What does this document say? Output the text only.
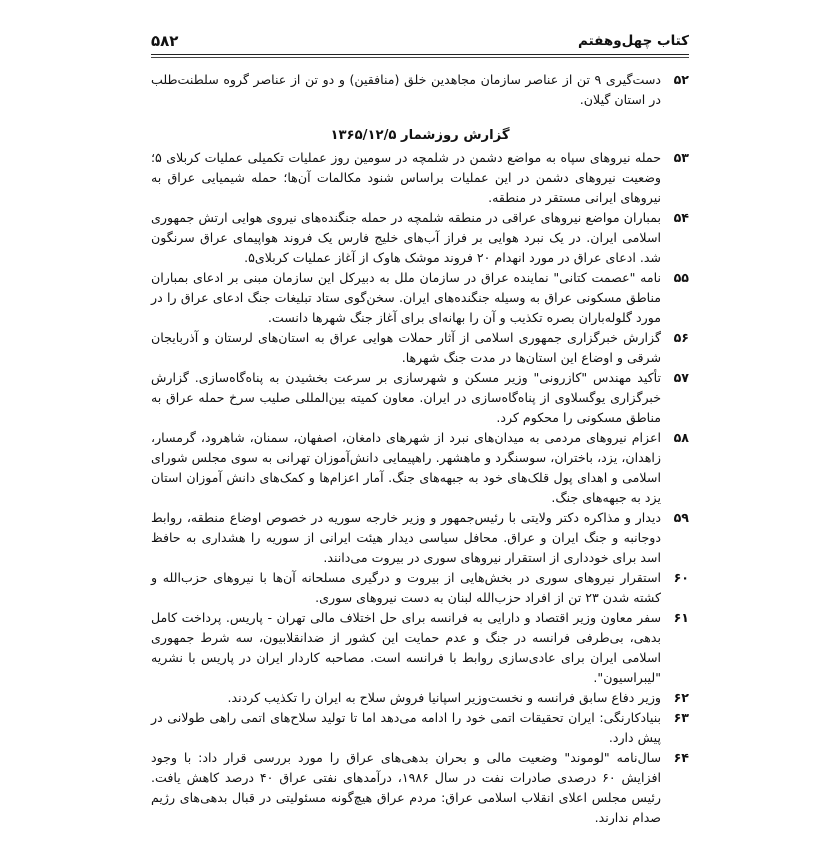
کتاب چهل‌وهفتم
۵۸۲
۵۲
دست‌گیری ۹ تن از عناصر سازمان مجاهدین خلق (منافقین) و دو تن از عناصر گروه سلطنت‌طلب در استان گیلان.
گزارش روزشمار ۱۳۶۵/۱۲/۵
۵۳
حمله نیروهای سپاه به مواضع دشمن در شلمچه در سومین روز عملیات تکمیلی عملیات کربلای ۵؛ وضعیت نیروهای دشمن در این عملیات براساس شنود مکالمات آن‌ها؛ حمله شیمیایی عراق به نیروهای ایرانی مستقر در منطقه.
۵۴
بمباران مواضع نیروهای عراقی در منطقه شلمچه در حمله جنگنده‌های نیروی هوایی ارتش جمهوری اسلامی ایران. در یک نبرد هوایی بر فراز آب‌های خلیج فارس یک فروند هواپیمای عراق سرنگون شد. ادعای عراق در مورد انهدام ۲۰ فروند موشک هاوک از آغاز عملیات کربلای۵.
۵۵
نامه "عصمت کتانی" نماینده عراق در سازمان ملل به دبیرکل این سازمان مبنی بر ادعای بمباران مناطق مسکونی عراق به وسیله جنگنده‌های ایران. سخن‌گوی ستاد تبلیغات جنگ ادعای عراق را در مورد گلوله‌باران بصره تکذیب و آن را بهانه‌ای برای آغاز جنگ شهرها دانست.
۵۶
گزارش خبرگزاری جمهوری اسلامی از آثار حملات هوایی عراق به استان‌های لرستان و آذربایجان شرقی و اوضاع این استان‌ها در مدت جنگ شهرها.
۵۷
تأکید مهندس "کازرونی" وزیر مسکن و شهرسازی بر سرعت بخشیدن به پناه‌گاه‌سازی. گزارش خبرگزاری یوگسلاوی از پناه‌گاه‌سازی در ایران. معاون کمیته بین‌المللی صلیب سرخ حمله عراق به مناطق مسکونی را محکوم کرد.
۵۸
اعزام نیروهای مردمی به میدان‌های نبرد از شهرهای دامغان، اصفهان، سمنان، شاهرود، گرمسار، زاهدان، یزد، باختران، سوسنگرد و ماهشهر. راهپیمایی دانش‌آموزان تهرانی به سوی مجلس شورای اسلامی و اهدای پول قلک‌های خود به جبهه‌های جنگ. آمار اعزام‌ها و کمک‌های دانش آموزان استان یزد به جبهه‌های جنگ.
۵۹
دیدار و مذاکره دکتر ولایتی با رئیس‌جمهور و وزیر خارجه سوریه در خصوص اوضاع منطقه، روابط دوجانبه و جنگ ایران و عراق. محافل سیاسی دیدار هیئت ایرانی از سوریه را هشداری به حافظ اسد برای خودداری از استقرار نیروهای سوری در بیروت می‌دانند.
۶۰
استقرار نیروهای سوری در بخش‌هایی از بیروت و درگیری مسلحانه آن‌ها با نیروهای حزب‌الله و کشته شدن ۲۳ تن از افراد حزب‌الله لبنان به دست نیروهای سوری.
۶۱
سفر معاون وزیر اقتصاد و دارایی به فرانسه برای حل اختلاف مالی تهران - پاریس. پرداخت کامل بدهی، بی‌طرفی فرانسه در جنگ و عدم حمایت این کشور از ضدانقلابیون، سه شرط جمهوری اسلامی ایران برای عادی‌سازی روابط با فرانسه است. مصاحبه کاردار ایران در پاریس با نشریه "لیبراسیون".
۶۲
وزیر دفاع سابق فرانسه و نخست‌وزیر اسپانیا فروش سلاح به ایران را تکذیب کردند.
۶۳
بنیادکارنگی: ایران تحقیقات اتمی خود را ادامه می‌دهد اما تا تولید سلاح‌های اتمی راهی طولانی در پیش دارد.
۶۴
سال‌نامه "لوموند" وضعیت مالی و بحران بدهی‌های عراق را مورد بررسی قرار داد: با وجود افزایش ۶۰ درصدی صادرات نفت در سال ۱۹۸۶، درآمدهای نفتی عراق ۴۰ درصد کاهش یافت. رئیس مجلس اعلای انقلاب اسلامی عراق: مردم عراق هیچ‌گونه مسئولیتی در قبال بدهی‌های رژیم صدام ندارند.
